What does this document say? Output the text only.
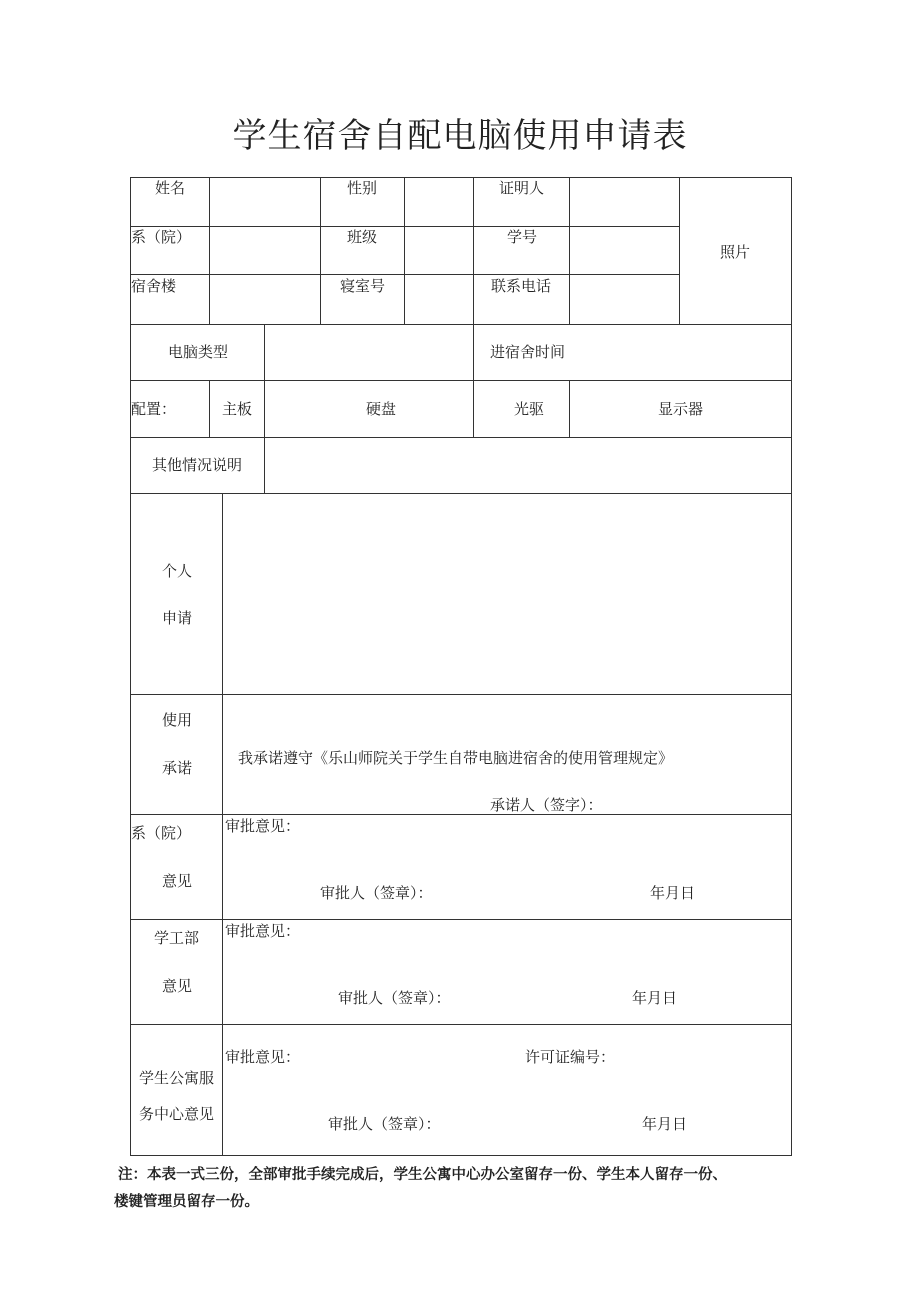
学生宿舍自配电脑使用申请表
姓名	性别	证明人
系（院）	班级	学号
宿舍楼	寝室号	联系电话
照片
电脑类型	进宿舍时间
配置：	主板	硬盘	光驱	显示器
其他情况说明
个人
申请
使用
承诺
我承诺遵守《乐山师院关于学生自带电脑进宿舍的使用管理规定》
承诺人（签字）：
系（院）
意见
审批意见：
审批人（签章）：	年月日
学工部
意见
审批意见：
审批人（签章）：	年月日
学生公寓服
务中心意见
审批意见：	许可证编号：
审批人（签章）：	年月日
注：本表一式三份，全部审批手续完成后，学生公寓中心办公室留存一份、学生本人留存一份、
楼键管理员留存一份。
